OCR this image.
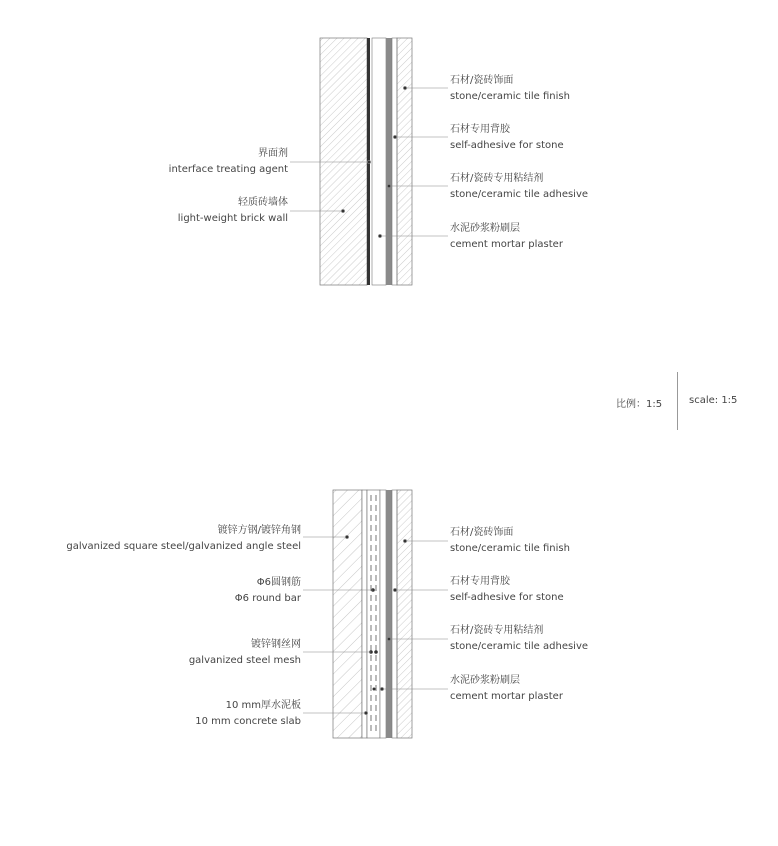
石材/瓷砖饰面
stone/ceramic tile finish
石材专用背胶
self-adhesive for stone
石材/瓷砖专用粘结剂
stone/ceramic tile adhesive
水泥砂浆粉刷层
cement mortar plaster
界面剂
interface treating agent
轻质砖墙体
light-weight brick wall
比例：1:5	scale: 1:5
石材/瓷砖饰面
stone/ceramic tile finish
石材专用背胶
self-adhesive for stone
石材/瓷砖专用粘结剂
stone/ceramic tile adhesive
水泥砂浆粉刷层
cement mortar plaster
镀锌方钢/镀锌角钢
galvanized square steel/galvanized angle steel
Φ6圆钢筋
Φ6 round bar
镀锌钢丝网
galvanized steel mesh
10 mm厚水泥板
10 mm concrete slab
